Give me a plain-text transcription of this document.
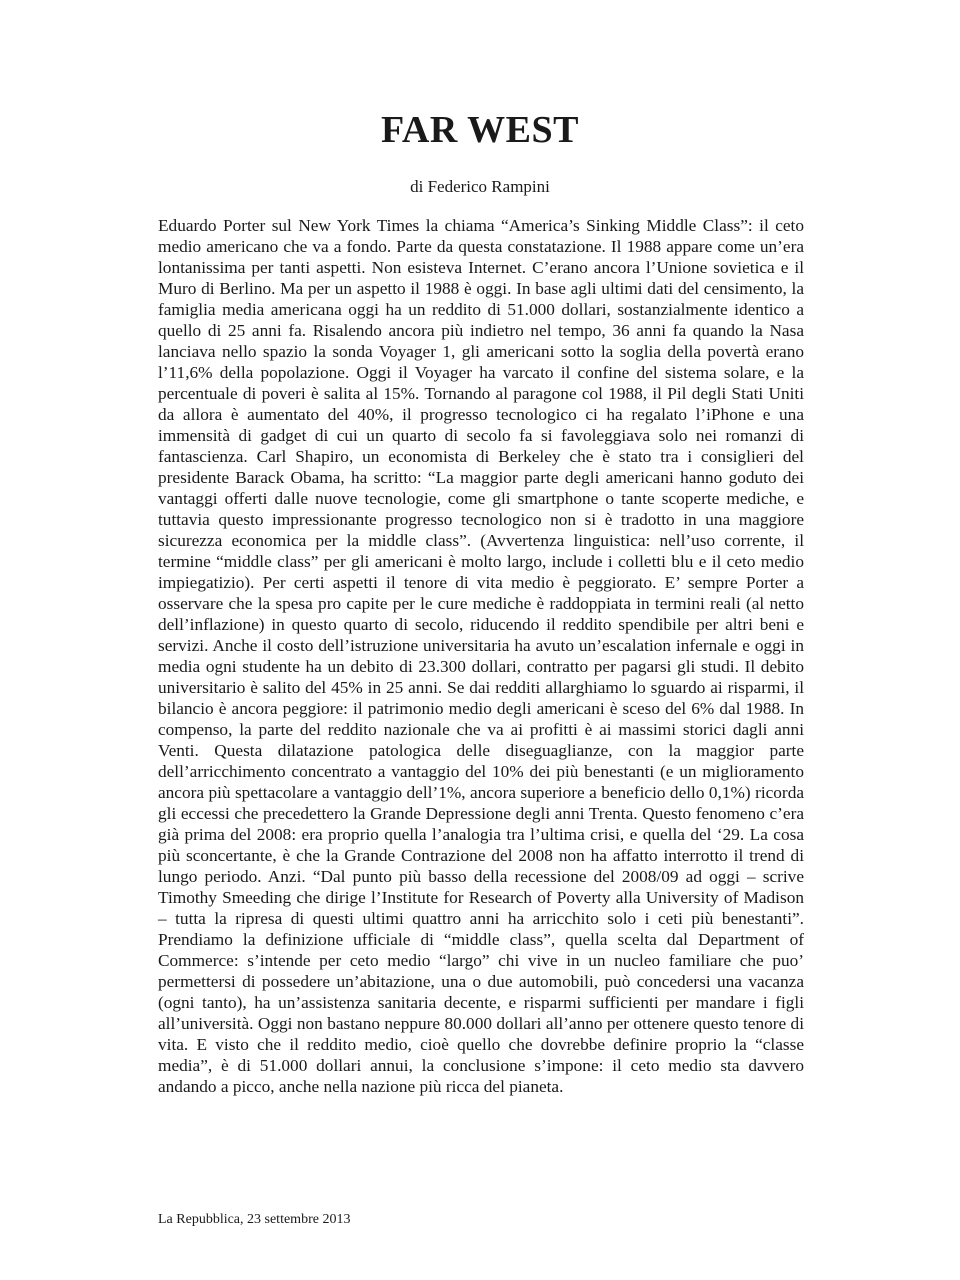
FAR WEST

di Federico Rampini

Eduardo Porter sul New York Times la chiama “America’s Sinking Middle Class”: il ceto medio americano che va a fondo. Parte da questa constatazione. Il 1988 appare come un’era lontanissima per tanti aspetti. Non esisteva Internet. C’erano ancora l’Unione sovietica e il Muro di Berlino. Ma per un aspetto il 1988 è oggi. In base agli ultimi dati del censimento, la famiglia media americana oggi ha un reddito di 51.000 dollari, sostanzialmente identico a quello di 25 anni fa. Risalendo ancora più indietro nel tempo, 36 anni fa quando la Nasa lanciava nello spazio la sonda Voyager 1, gli americani sotto la soglia della povertà erano l’11,6% della popolazione. Oggi il Voyager ha varcato il confine del sistema solare, e la percentuale di poveri è salita al 15%. Tornando al paragone col 1988, il Pil degli Stati Uniti da allora è aumentato del 40%, il progresso tecnologico ci ha regalato l’iPhone e una immensità di gadget di cui un quarto di secolo fa si favoleggiava solo nei romanzi di fantascienza. Carl Shapiro, un economista di Berkeley che è stato tra i consiglieri del presidente Barack Obama, ha scritto: “La maggior parte degli americani hanno goduto dei vantaggi offerti dalle nuove tecnologie, come gli smartphone o tante scoperte mediche, e tuttavia questo impressionante progresso tecnologico non si è tradotto in una maggiore sicurezza economica per la middle class”. (Avvertenza linguistica: nell’uso corrente, il termine “middle class” per gli americani è molto largo, include i colletti blu e il ceto medio impiegatizio). Per certi aspetti il tenore di vita medio è peggiorato. E’ sempre Porter a osservare che la spesa pro capite per le cure mediche è raddoppiata in termini reali (al netto dell’inflazione) in questo quarto di secolo, riducendo il reddito spendibile per altri beni e servizi. Anche il costo dell’istruzione universitaria ha avuto un’escalation infernale e oggi in media ogni studente ha un debito di 23.300 dollari, contratto per pagarsi gli studi. Il debito universitario è salito del 45% in 25 anni. Se dai redditi allarghiamo lo sguardo ai risparmi, il bilancio è ancora peggiore: il patrimonio medio degli americani è sceso del 6% dal 1988. In compenso, la parte del reddito nazionale che va ai profitti è ai massimi storici dagli anni Venti. Questa dilatazione patologica delle diseguaglianze, con la maggior parte dell’arricchimento concentrato a vantaggio del 10% dei più benestanti (e un miglioramento ancora più spettacolare a vantaggio dell’1%, ancora superiore a beneficio dello 0,1%) ricorda gli eccessi che precedettero la Grande Depressione degli anni Trenta. Questo fenomeno c’era già prima del 2008: era proprio quella l’analogia tra l’ultima crisi, e quella del ‘29. La cosa più sconcertante, è che la Grande Contrazione del 2008 non ha affatto interrotto il trend di lungo periodo. Anzi. “Dal punto più basso della recessione del 2008/09 ad oggi – scrive Timothy Smeeding che dirige l’Institute for Research of Poverty alla University of Madison – tutta la ripresa di questi ultimi quattro anni ha arricchito solo i ceti più benestanti”. Prendiamo la definizione ufficiale di “middle class”, quella scelta dal Department of Commerce: s’intende per ceto medio “largo” chi vive in un nucleo familiare che puo’ permettersi di possedere un’abitazione, una o due automobili, può concedersi una vacanza (ogni tanto), ha un’assistenza sanitaria decente, e risparmi sufficienti per mandare i figli all’università. Oggi non bastano neppure 80.000 dollari all’anno per ottenere questo tenore di vita. E visto che il reddito medio, cioè quello che dovrebbe definire proprio la “classe media”, è di 51.000 dollari annui, la conclusione s’impone: il ceto medio sta davvero andando a picco, anche nella nazione più ricca del pianeta.

La Repubblica, 23 settembre 2013
